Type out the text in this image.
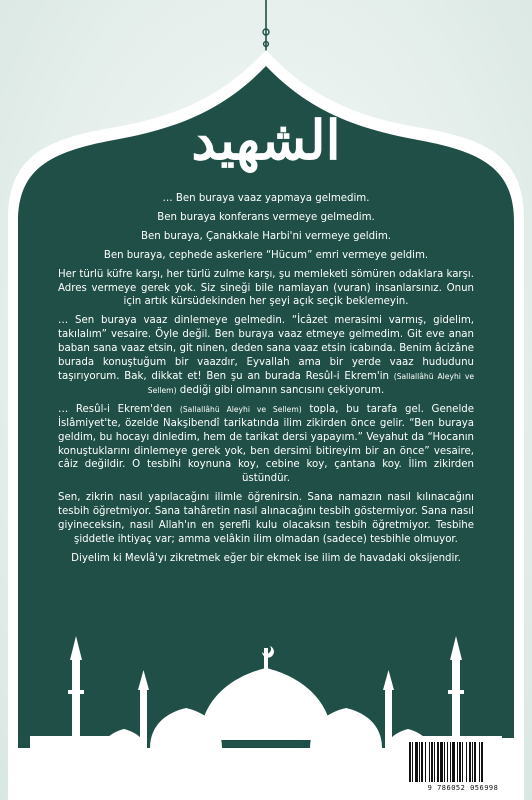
الشهيد

… Ben buraya vaaz yapmaya gelmedim.

Ben buraya konferans vermeye gelmedim.

Ben buraya, Çanakkale Harbi'ni vermeye geldim.

Ben buraya, cephede askerlere “Hücum” emri vermeye geldim.

Her türlü küfre karşı, her türlü zulme karşı, şu memleketi sömüren odaklara karşı. Adres vermeye gerek yok. Siz sineği bile namlayan (vuran) insanlarsınız. Onun için artık kürsüdekinden her şeyi açık seçik beklemeyin.

… Sen buraya vaaz dinlemeye gelmedin. “İcâzet merasimi varmış, gidelim, takılalım” vesaire. Öyle değil. Ben buraya vaaz etmeye gelmedim. Git eve anan baban sana vaaz etsin, git ninen, deden sana vaaz etsin icabında. Benim âcizâne burada konuştuğum bir vaazdır, Eyvallah ama bir yerde vaaz hududunu taşırıyorum. Bak, dikkat et! Ben şu an burada Resûl-i Ekrem'in (Sallallâhü Aleyhi ve Sellem) dediği gibi olmanın sancısını çekiyorum.

… Resûl-i Ekrem'den (Sallallâhü Aleyhi ve Sellem) topla, bu tarafa gel. Genelde İslâmiyet'te, özelde Nakşibendî tarikatında ilim zikirden önce gelir. “Ben buraya geldim, bu hocayı dinledim, hem de tarikat dersi yapayım.” Veyahut da “Hocanın konuştuklarını dinlemeye gerek yok, ben dersimi bitireyim bir an önce” vesaire, câiz değildir. O tesbihi koynuna koy, cebine koy, çantana koy. İlim zikirden üstündür.

Sen, zikrin nasıl yapılacağını ilimle öğrenirsin. Sana namazın nasıl kılınacağını tesbih öğretmiyor. Sana tahâretin nasıl alınacağını tesbih göstermiyor. Sana nasıl giyineceksin, nasıl Allah'ın en şerefli kulu olacaksın tesbih öğretmiyor. Tesbihe şiddetle ihtiyaç var; amma velâkin ilim olmadan (sadece) tesbihle olmuyor.

Diyelim ki Mevlâ'yı zikretmek eğer bir ekmek ise ilim de havadaki oksijendir.

9 786052 056998
